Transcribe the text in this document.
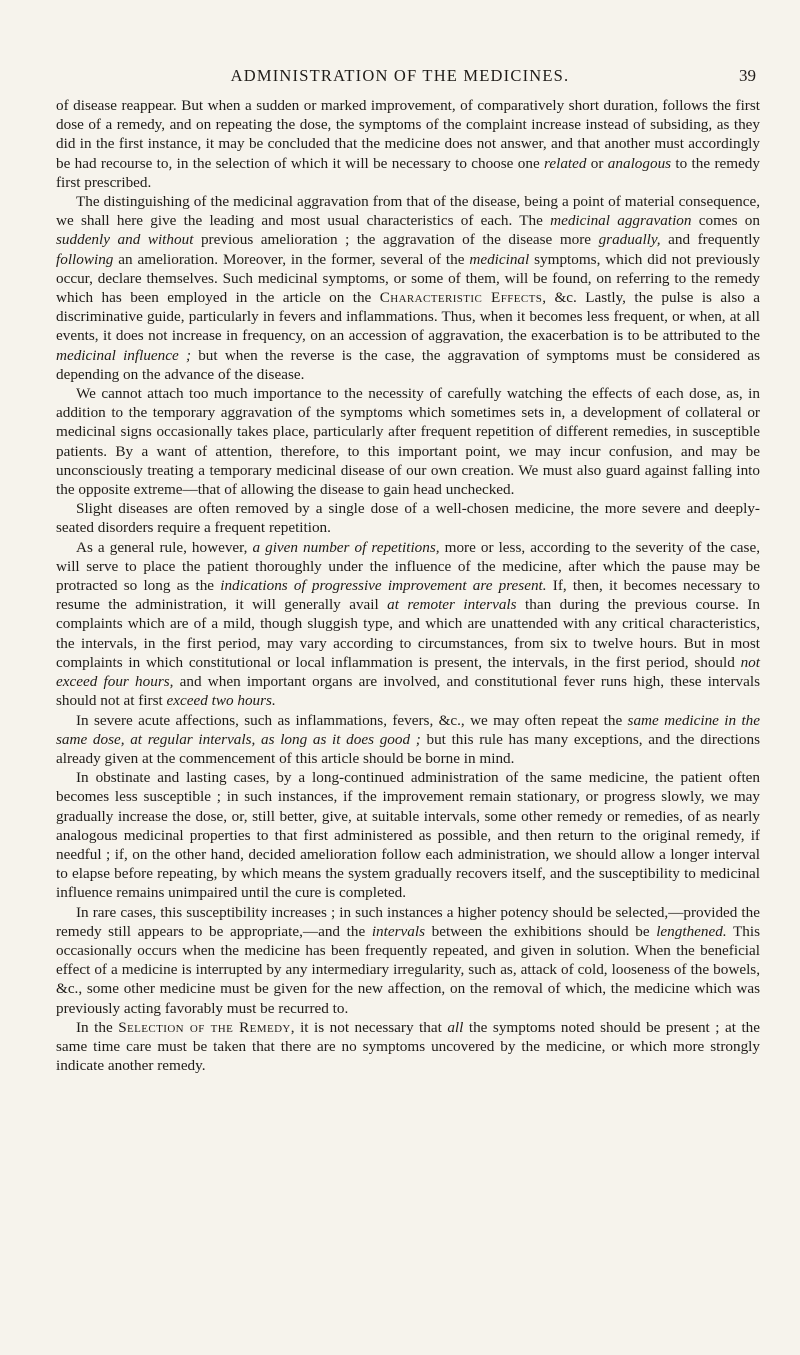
ADMINISTRATION OF THE MEDICINES.	39

of disease reappear. But when a sudden or marked improvement, of comparatively short duration, follows the first dose of a remedy, and on repeating the dose, the symptoms of the complaint increase instead of subsiding, as they did in the first instance, it may be concluded that the medicine does not answer, and that another must accordingly be had recourse to, in the selection of which it will be necessary to choose one related or analogous to the remedy first prescribed.

The distinguishing of the medicinal aggravation from that of the disease, being a point of material consequence, we shall here give the leading and most usual characteristics of each. The medicinal aggravation comes on suddenly and without previous amelioration ; the aggravation of the disease more gradually, and frequently following an amelioration. Moreover, in the former, several of the medicinal symptoms, which did not previously occur, declare themselves. Such medicinal symptoms, or some of them, will be found, on referring to the remedy which has been employed in the article on the Characteristic Effects, &c. Lastly, the pulse is also a discriminative guide, particularly in fevers and inflammations. Thus, when it becomes less frequent, or when, at all events, it does not increase in frequency, on an accession of aggravation, the exacerbation is to be attributed to the medicinal influence ; but when the reverse is the case, the aggravation of symptoms must be considered as depending on the advance of the disease.

We cannot attach too much importance to the necessity of carefully watching the effects of each dose, as, in addition to the temporary aggravation of the symptoms which sometimes sets in, a development of collateral or medicinal signs occasionally takes place, particularly after frequent repetition of different remedies, in susceptible patients. By a want of attention, therefore, to this important point, we may incur confusion, and may be unconsciously treating a temporary medicinal disease of our own creation. We must also guard against falling into the opposite extreme—that of allowing the disease to gain head unchecked.

Slight diseases are often removed by a single dose of a well-chosen medicine, the more severe and deeply-seated disorders require a frequent repetition.

As a general rule, however, a given number of repetitions, more or less, according to the severity of the case, will serve to place the patient thoroughly under the influence of the medicine, after which the pause may be protracted so long as the indications of progressive improvement are present. If, then, it becomes necessary to resume the administration, it will generally avail at remoter intervals than during the previous course. In complaints which are of a mild, though sluggish type, and which are unattended with any critical characteristics, the intervals, in the first period, may vary according to circumstances, from six to twelve hours. But in most complaints in which constitutional or local inflammation is present, the intervals, in the first period, should not exceed four hours, and when important organs are involved, and constitutional fever runs high, these intervals should not at first exceed two hours.

In severe acute affections, such as inflammations, fevers, &c., we may often repeat the same medicine in the same dose, at regular intervals, as long as it does good ; but this rule has many exceptions, and the directions already given at the commencement of this article should be borne in mind.

In obstinate and lasting cases, by a long-continued administration of the same medicine, the patient often becomes less susceptible ; in such instances, if the improvement remain stationary, or progress slowly, we may gradually increase the dose, or, still better, give, at suitable intervals, some other remedy or remedies, of as nearly analogous medicinal properties to that first administered as possible, and then return to the original remedy, if needful ; if, on the other hand, decided amelioration follow each administration, we should allow a longer interval to elapse before repeating, by which means the system gradually recovers itself, and the susceptibility to medicinal influence remains unimpaired until the cure is completed.

In rare cases, this susceptibility increases ; in such instances a higher potency should be selected,—provided the remedy still appears to be appropriate,—and the intervals between the exhibitions should be lengthened. This occasionally occurs when the medicine has been frequently repeated, and given in solution. When the beneficial effect of a medicine is interrupted by any intermediary irregularity, such as, attack of cold, looseness of the bowels, &c., some other medicine must be given for the new affection, on the removal of which, the medicine which was previously acting favorably must be recurred to.

In the Selection of the Remedy, it is not necessary that all the symptoms noted should be present ; at the same time care must be taken that there are no symptoms uncovered by the medicine, or which more strongly indicate another remedy.
